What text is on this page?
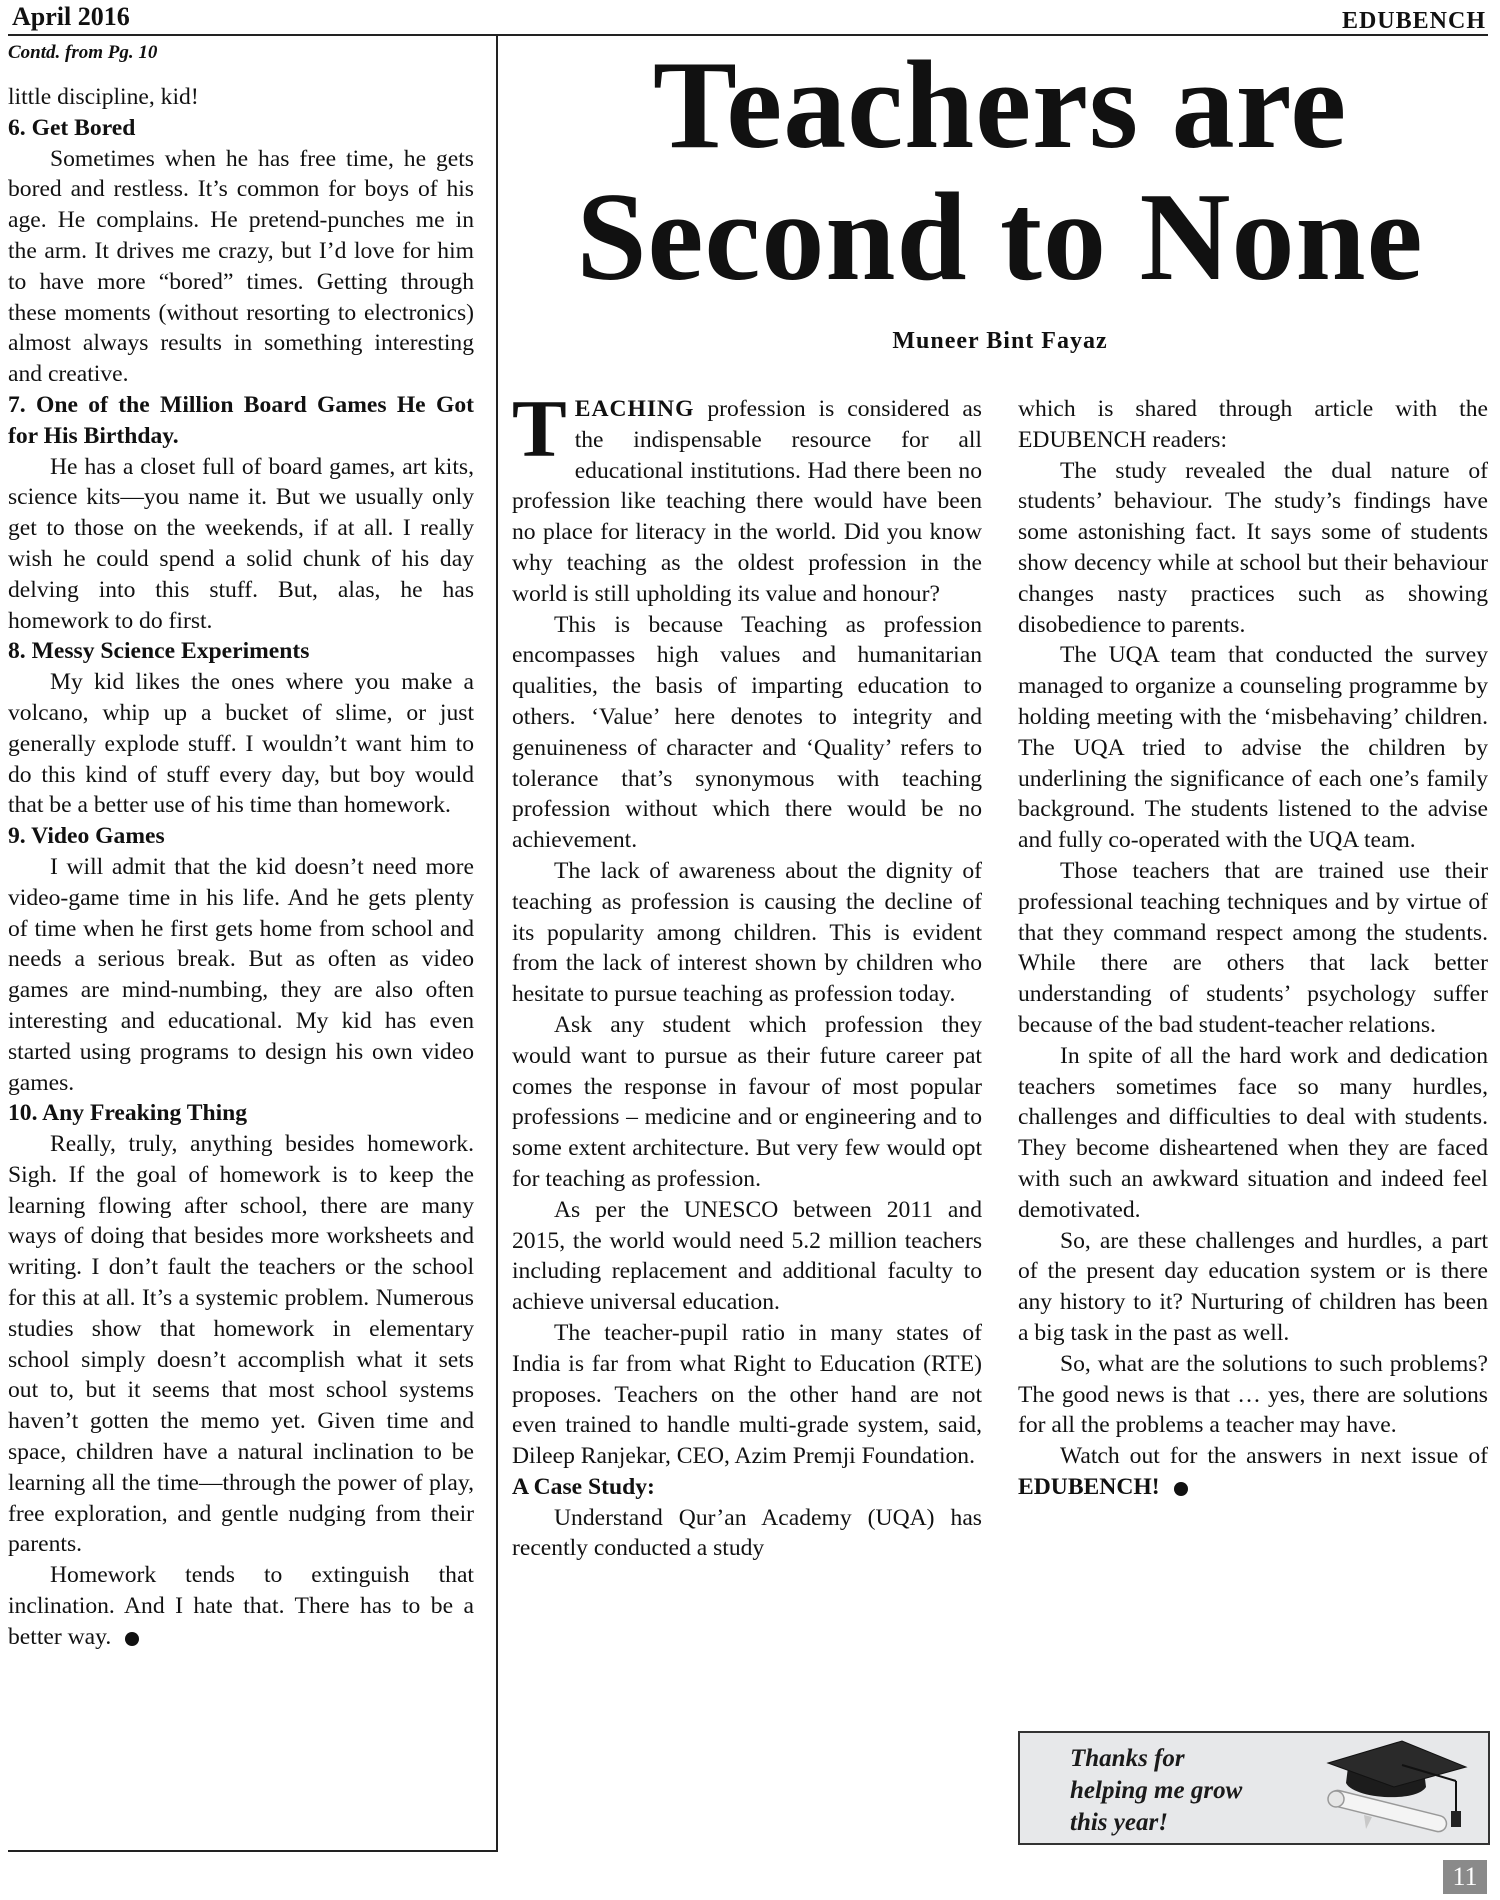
April 2016	EDUBENCH
Contd. from Pg. 10

little discipline, kid!

6. Get Bored

Sometimes when he has free time, he gets bored and restless. It’s common for boys of his age. He complains. He pretend-punches me in the arm. It drives me crazy, but I’d love for him to have more “bored” times. Getting through these moments (without resorting to electronics) almost always results in something interesting and creative.

7. One of the Million Board Games He Got for His Birthday.

He has a closet full of board games, art kits, science kits—you name it. But we usually only get to those on the weekends, if at all. I really wish he could spend a solid chunk of his day delving into this stuff. But, alas, he has homework to do first.

8. Messy Science Experiments

My kid likes the ones where you make a volcano, whip up a bucket of slime, or just generally explode stuff. I wouldn’t want him to do this kind of stuff every day, but boy would that be a better use of his time than homework.

9. Video Games

I will admit that the kid doesn’t need more video-game time in his life. And he gets plenty of time when he first gets home from school and needs a serious break. But as often as video games are mind-numbing, they are also often interesting and educational. My kid has even started using programs to design his own video games.

10. Any Freaking Thing

Really, truly, anything besides homework. Sigh. If the goal of homework is to keep the learning flowing after school, there are many ways of doing that besides more worksheets and writing. I don’t fault the teachers or the school for this at all. It’s a systemic problem. Numerous studies show that homework in elementary school simply doesn’t accomplish what it sets out to, but it seems that most school systems haven’t gotten the memo yet. Given time and space, children have a natural inclination to be learning all the time—through the power of play, free exploration, and gentle nudging from their parents.

Homework tends to extinguish that inclination. And I hate that. There has to be a better way.

Teachers are
Second to None
Muneer Bint Fayaz

TEACHING profession is considered as the indispensable resource for all educational institutions. Had there been no profession like teaching there would have been no place for literacy in the world. Did you know why teaching as the oldest profession in the world is still upholding its value and honour?

This is because Teaching as profession encompasses high values and humanitarian qualities, the basis of imparting education to others. ‘Value’ here denotes to integrity and genuineness of character and ‘Quality’ refers to tolerance that’s synonymous with teaching profession without which there would be no achievement.

The lack of awareness about the dignity of teaching as profession is causing the decline of its popularity among children. This is evident from the lack of interest shown by children who hesitate to pursue teaching as profession today.

Ask any student which profession they would want to pursue as their future career pat comes the response in favour of most popular professions – medicine and or engineering and to some extent architecture. But very few would opt for teaching as profession.

As per the UNESCO between 2011 and 2015, the world would need 5.2 million teachers including replacement and additional faculty to achieve universal education.

The teacher-pupil ratio in many states of India is far from what Right to Education (RTE) proposes. Teachers on the other hand are not even trained to handle multi-grade system, said, Dileep Ranjekar, CEO, Azim Premji Foundation.

A Case Study:

Understand Qur’an Academy (UQA) has recently conducted a study

which is shared through article with the EDUBENCH readers:

The study revealed the dual nature of students’ behaviour. The study’s findings have some astonishing fact. It says some of students show decency while at school but their behaviour changes nasty practices such as showing disobedience to parents.

The UQA team that conducted the survey managed to organize a counseling programme by holding meeting with the ‘misbehaving’ children. The UQA tried to advise the children by underlining the significance of each one’s family background. The students listened to the advise and fully co-operated with the UQA team.

Those teachers that are trained use their professional teaching techniques and by virtue of that they command respect among the students. While there are others that lack better understanding of students’ psychology suffer because of the bad student-teacher relations.

In spite of all the hard work and dedication teachers sometimes face so many hurdles, challenges and difficulties to deal with students. They become disheartened when they are faced with such an awkward situation and indeed feel demotivated.

So, are these challenges and hurdles, a part of the present day education system or is there any history to it? Nurturing of children has been a big task in the past as well.

So, what are the solutions to such problems? The good news is that … yes, there are solutions for all the problems a teacher may have.

Watch out for the answers in next issue of EDUBENCH!

Thanks for
helping me grow
this year!
11
